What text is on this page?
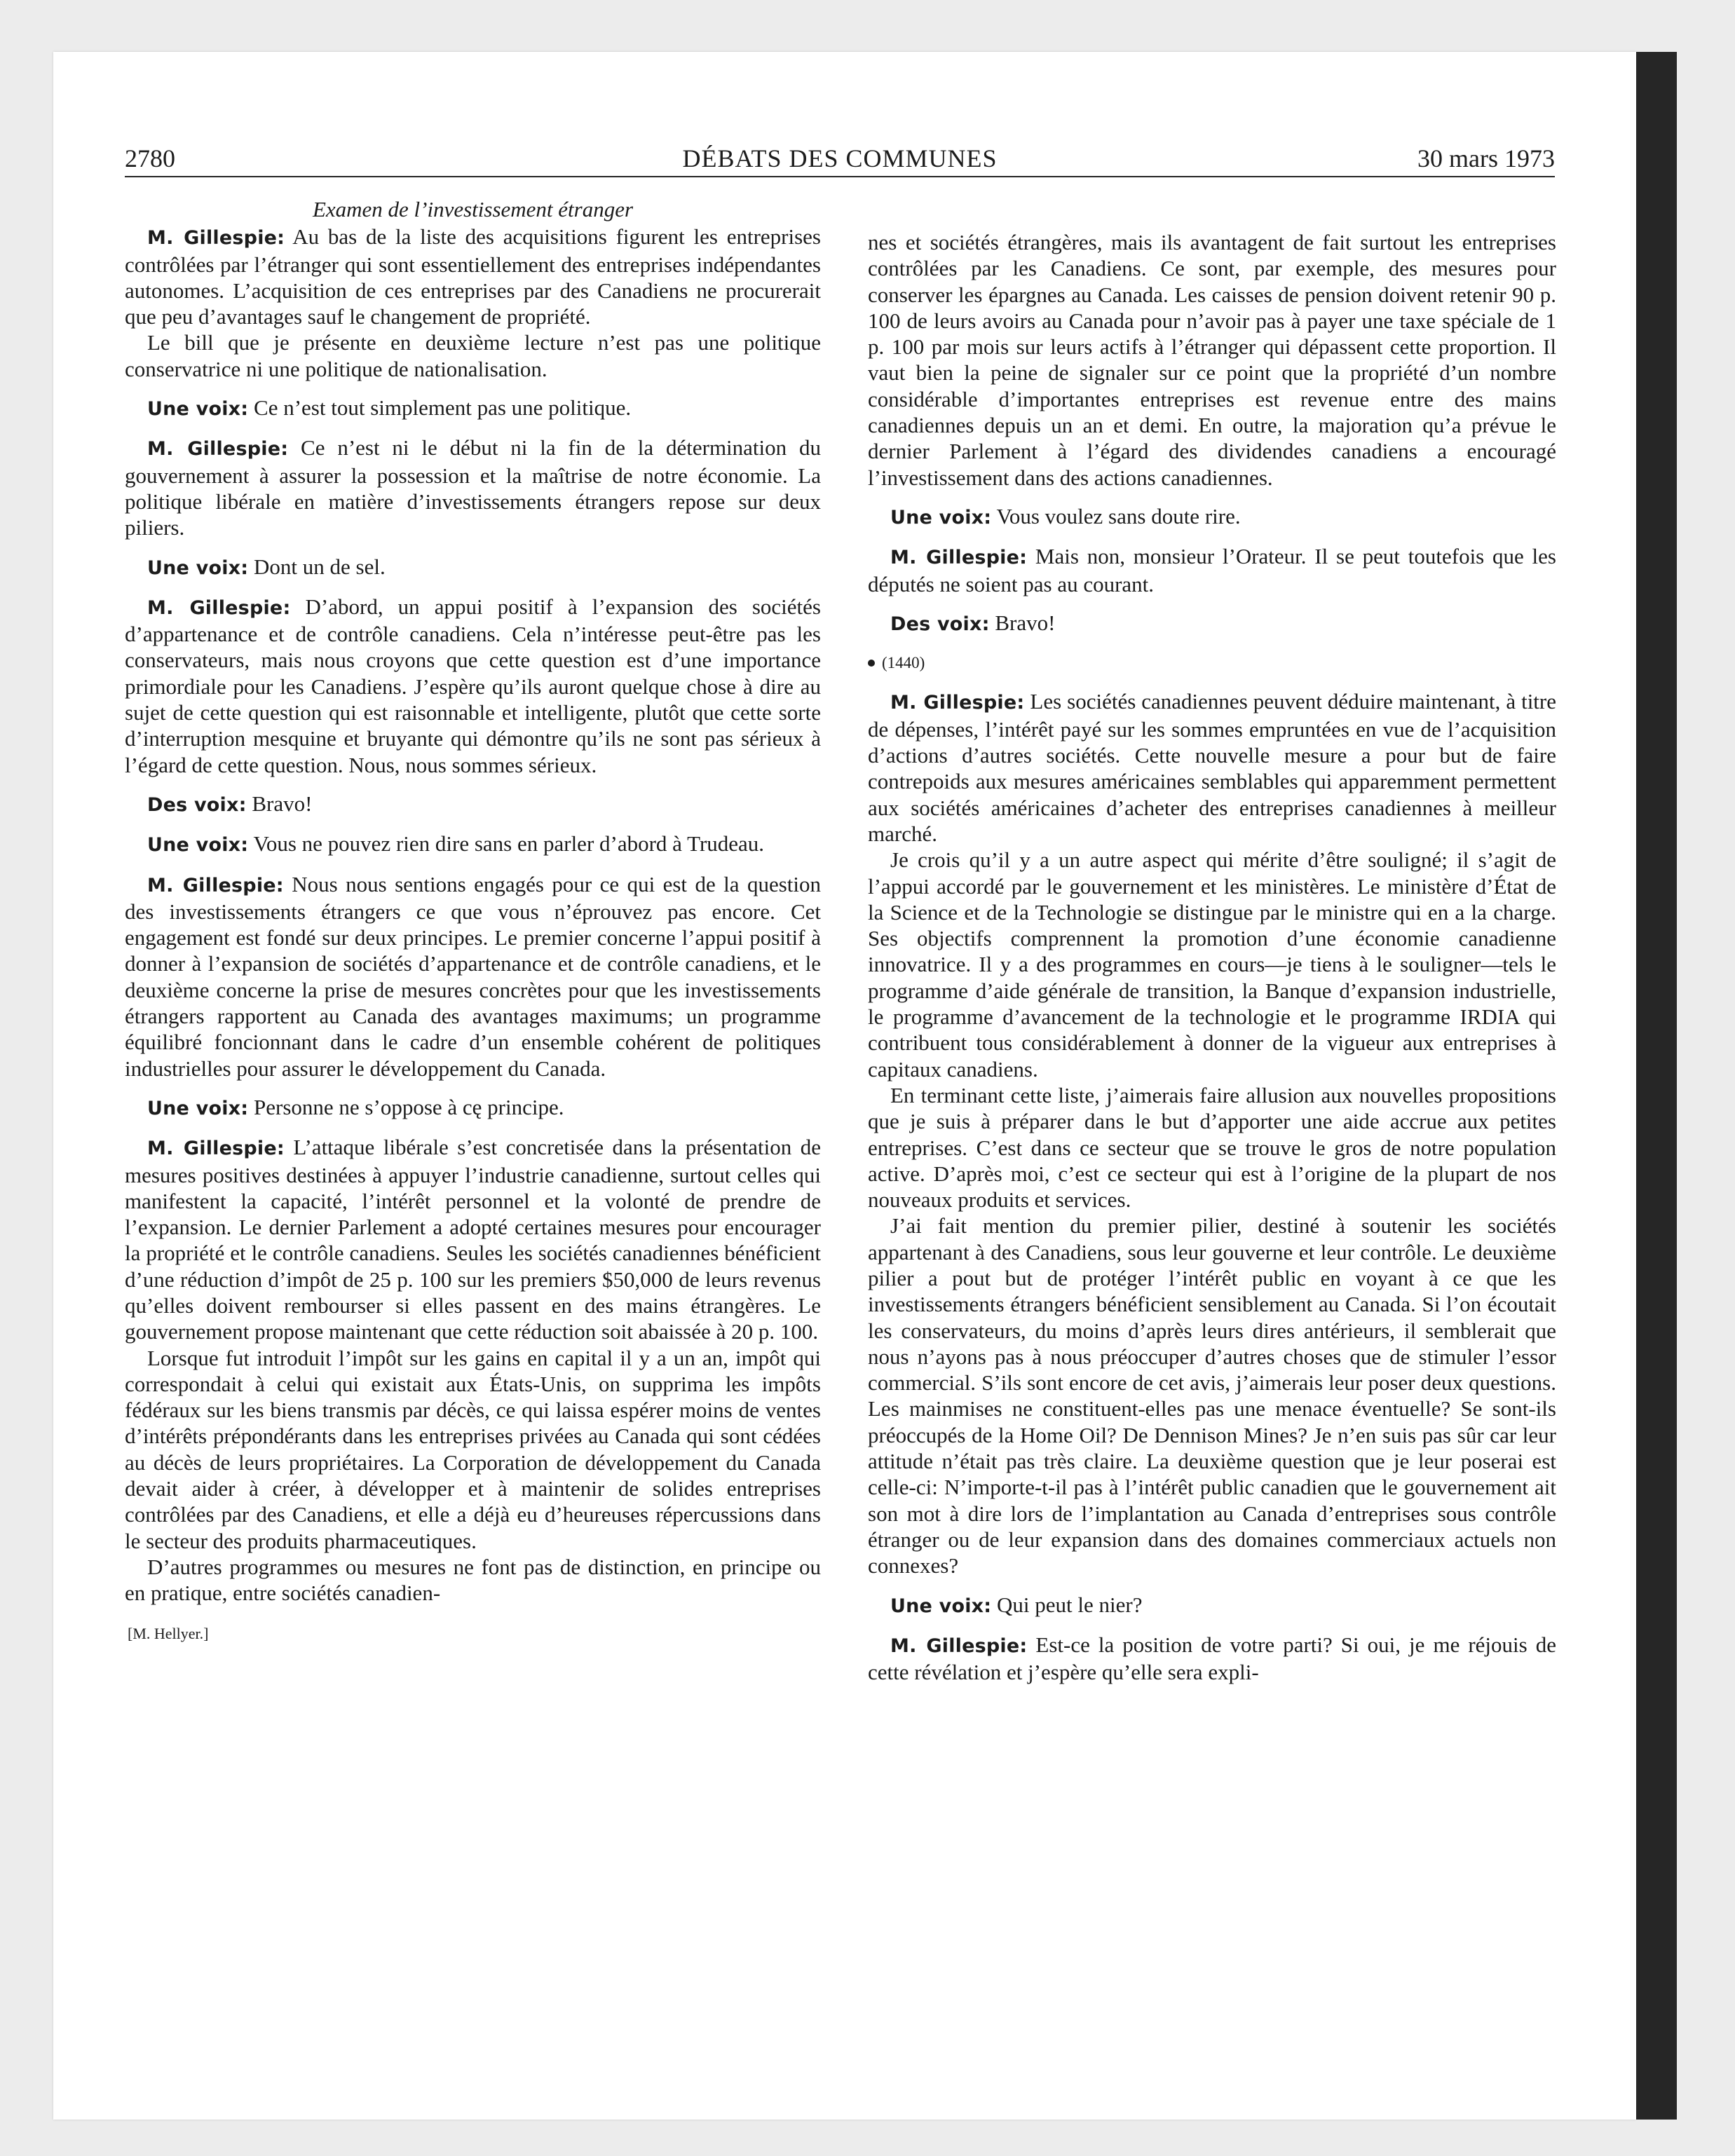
2780	DÉBATS DES COMMUNES	30 mars 1973

Examen de l’investissement étranger

M. Gillespie: Au bas de la liste des acquisitions figurent les entreprises contrôlées par l’étranger qui sont essentiellement des entreprises indépendantes autonomes. L’acquisition de ces entreprises par des Canadiens ne procurerait que peu d’avantages sauf le changement de propriété.

Le bill que je présente en deuxième lecture n’est pas une politique conservatrice ni une politique de nationalisation.

Une voix: Ce n’est tout simplement pas une politique.

M. Gillespie: Ce n’est ni le début ni la fin de la détermination du gouvernement à assurer la possession et la maîtrise de notre économie. La politique libérale en matière d’investissements étrangers repose sur deux piliers.

Une voix: Dont un de sel.

M. Gillespie: D’abord, un appui positif à l’expansion des sociétés d’appartenance et de contrôle canadiens. Cela n’intéresse peut-être pas les conservateurs, mais nous croyons que cette question est d’une importance primordiale pour les Canadiens. J’espère qu’ils auront quelque chose à dire au sujet de cette question qui est raisonnable et intelligente, plutôt que cette sorte d’interruption mesquine et bruyante qui démontre qu’ils ne sont pas sérieux à l’égard de cette question. Nous, nous sommes sérieux.

Des voix: Bravo!

Une voix: Vous ne pouvez rien dire sans en parler d’abord à Trudeau.

M. Gillespie: Nous nous sentions engagés pour ce qui est de la question des investissements étrangers ce que vous n’éprouvez pas encore. Cet engagement est fondé sur deux principes. Le premier concerne l’appui positif à donner à l’expansion de sociétés d’appartenance et de contrôle canadiens, et le deuxième concerne la prise de mesures concrètes pour que les investissements étrangers rapportent au Canada des avantages maximums; un programme équilibré foncionnant dans le cadre d’un ensemble cohérent de politiques industrielles pour assurer le développement du Canada.

Une voix: Personne ne s’oppose à cę principe.

M. Gillespie: L’attaque libérale s’est concretisée dans la présentation de mesures positives destinées à appuyer l’industrie canadienne, surtout celles qui manifestent la capacité, l’intérêt personnel et la volonté de prendre de l’expansion. Le dernier Parlement a adopté certaines mesures pour encourager la propriété et le contrôle canadiens. Seules les sociétés canadiennes bénéficient d’une réduction d’impôt de 25 p. 100 sur les premiers $50,000 de leurs revenus qu’elles doivent rembourser si elles passent en des mains étrangères. Le gouvernement propose maintenant que cette réduction soit abaissée à 20 p. 100.

Lorsque fut introduit l’impôt sur les gains en capital il y a un an, impôt qui correspondait à celui qui existait aux États-Unis, on supprima les impôts fédéraux sur les biens transmis par décès, ce qui laissa espérer moins de ventes d’intérêts prépondérants dans les entreprises privées au Canada qui sont cédées au décès de leurs propriétaires. La Corporation de développement du Canada devait aider à créer, à développer et à maintenir de solides entreprises contrôlées par des Canadiens, et elle a déjà eu d’heureuses répercussions dans le secteur des produits pharmaceutiques.

D’autres programmes ou mesures ne font pas de distinction, en principe ou en pratique, entre sociétés canadien-

[M. Hellyer.]

nes et sociétés étrangères, mais ils avantagent de fait surtout les entreprises contrôlées par les Canadiens. Ce sont, par exemple, des mesures pour conserver les épargnes au Canada. Les caisses de pension doivent retenir 90 p. 100 de leurs avoirs au Canada pour n’avoir pas à payer une taxe spéciale de 1 p. 100 par mois sur leurs actifs à l’étranger qui dépassent cette proportion. Il vaut bien la peine de signaler sur ce point que la propriété d’un nombre considérable d’importantes entreprises est revenue entre des mains canadiennes depuis un an et demi. En outre, la majoration qu’a prévue le dernier Parlement à l’égard des dividendes canadiens a encouragé l’investissement dans des actions canadiennes.

Une voix: Vous voulez sans doute rire.

M. Gillespie: Mais non, monsieur l’Orateur. Il se peut toutefois que les députés ne soient pas au courant.

Des voix: Bravo!

(1440)

M. Gillespie: Les sociétés canadiennes peuvent déduire maintenant, à titre de dépenses, l’intérêt payé sur les sommes empruntées en vue de l’acquisition d’actions d’autres sociétés. Cette nouvelle mesure a pour but de faire contrepoids aux mesures américaines semblables qui apparemment permettent aux sociétés américaines d’acheter des entreprises canadiennes à meilleur marché.

Je crois qu’il y a un autre aspect qui mérite d’être souligné; il s’agit de l’appui accordé par le gouvernement et les ministères. Le ministère d’État de la Science et de la Technologie se distingue par le ministre qui en a la charge. Ses objectifs comprennent la promotion d’une économie canadienne innovatrice. Il y a des programmes en cours—je tiens à le souligner—tels le programme d’aide générale de transition, la Banque d’expansion industrielle, le programme d’avancement de la technologie et le programme IRDIA qui contribuent tous considérablement à donner de la vigueur aux entreprises à capitaux canadiens.

En terminant cette liste, j’aimerais faire allusion aux nouvelles propositions que je suis à préparer dans le but d’apporter une aide accrue aux petites entreprises. C’est dans ce secteur que se trouve le gros de notre population active. D’après moi, c’est ce secteur qui est à l’origine de la plupart de nos nouveaux produits et services.

J’ai fait mention du premier pilier, destiné à soutenir les sociétés appartenant à des Canadiens, sous leur gouverne et leur contrôle. Le deuxième pilier a pout but de protéger l’intérêt public en voyant à ce que les investissements étrangers bénéficient sensiblement au Canada. Si l’on écoutait les conservateurs, du moins d’après leurs dires antérieurs, il semblerait que nous n’ayons pas à nous préoccuper d’autres choses que de stimuler l’essor commercial. S’ils sont encore de cet avis, j’aimerais leur poser deux questions. Les mainmises ne constituent-elles pas une menace éventuelle? Se sont-ils préoccupés de la Home Oil? De Dennison Mines? Je n’en suis pas sûr car leur attitude n’était pas très claire. La deuxième question que je leur poserai est celle-ci: N’importe-t-il pas à l’intérêt public canadien que le gouvernement ait son mot à dire lors de l’implantation au Canada d’entreprises sous contrôle étranger ou de leur expansion dans des domaines commerciaux actuels non connexes?

Une voix: Qui peut le nier?

M. Gillespie: Est-ce la position de votre parti? Si oui, je me réjouis de cette révélation et j’espère qu’elle sera expli-
